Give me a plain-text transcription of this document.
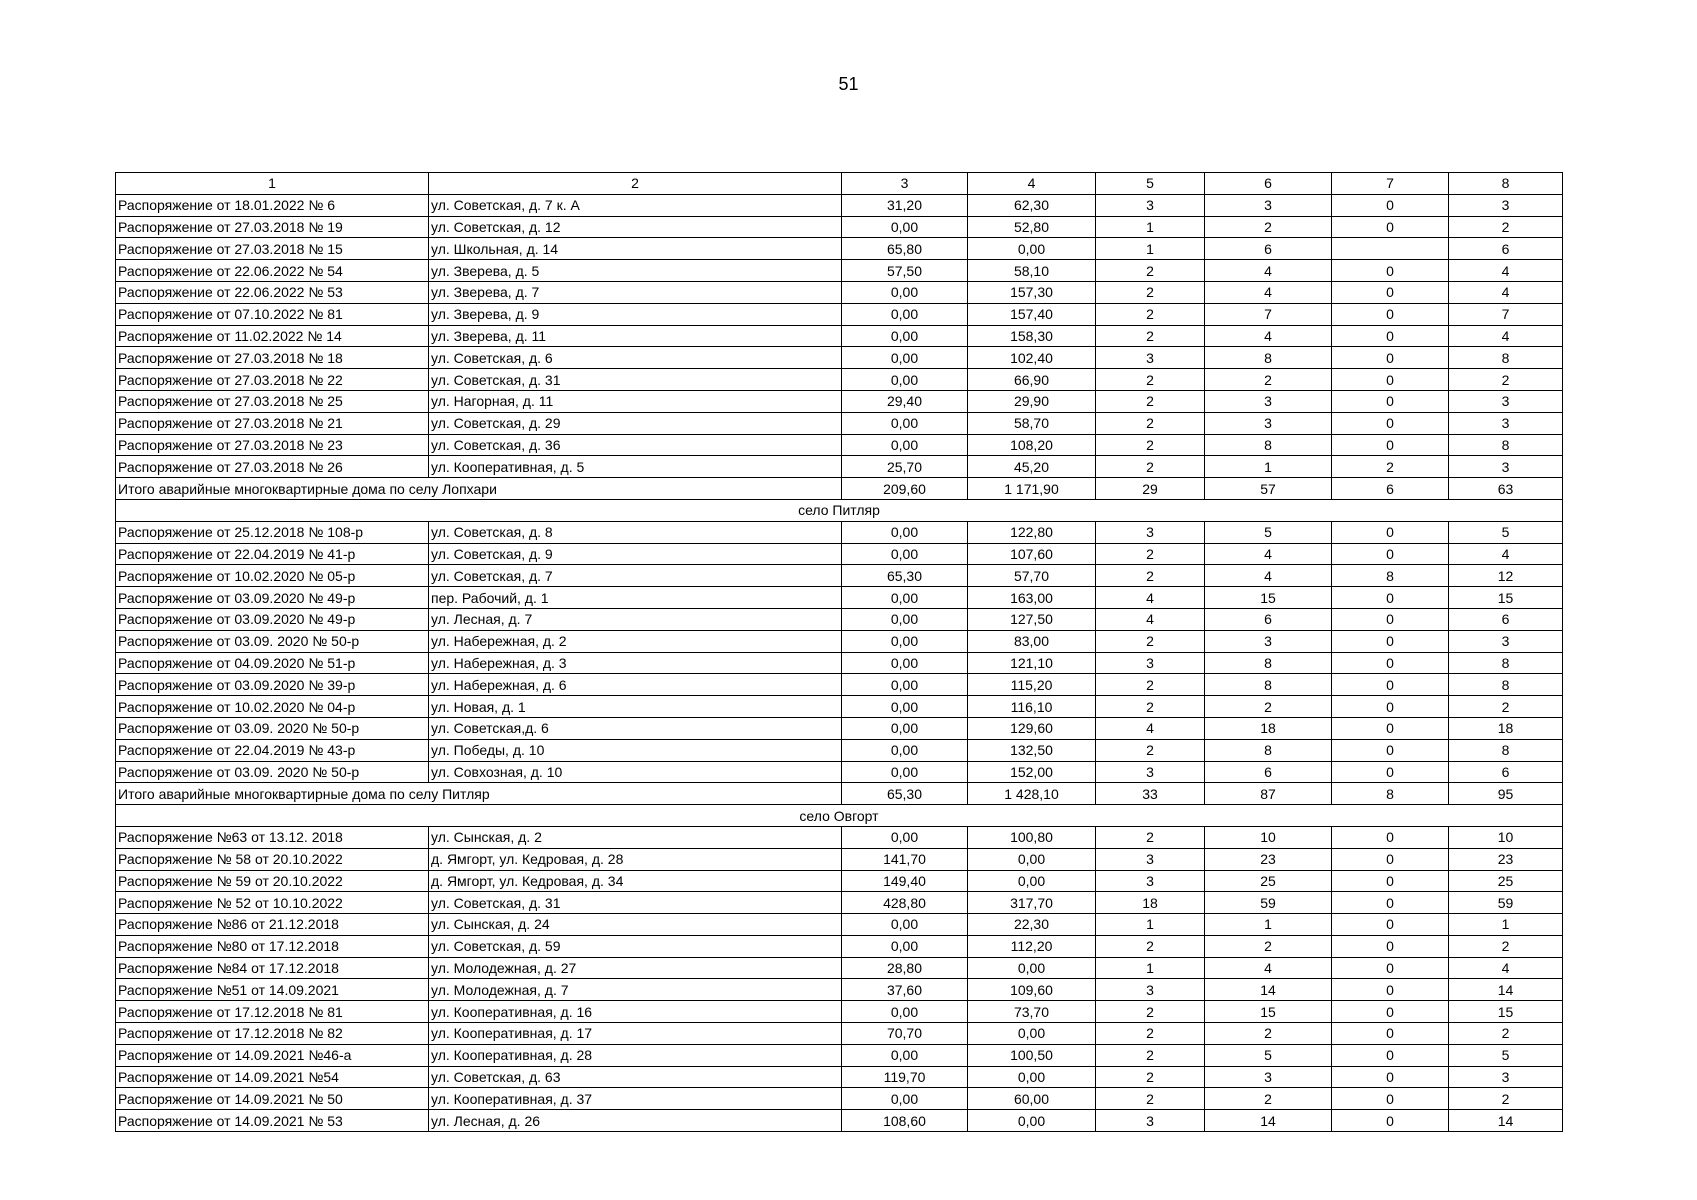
51
1	2	3	4	5	6	7	8
Распоряжение от 18.01.2022 № 6	ул. Советская, д. 7 к. А	31,20	62,30	3	3	0	3
Распоряжение от 27.03.2018 № 19	ул. Советская, д. 12	0,00	52,80	1	2	0	2
Распоряжение от 27.03.2018 № 15	ул. Школьная, д. 14	65,80	0,00	1	6		6
Распоряжение от 22.06.2022 № 54	ул. Зверева, д. 5	57,50	58,10	2	4	0	4
Распоряжение от 22.06.2022 № 53	ул. Зверева, д. 7	0,00	157,30	2	4	0	4
Распоряжение от 07.10.2022 № 81	ул. Зверева, д. 9	0,00	157,40	2	7	0	7
Распоряжение от 11.02.2022 № 14	ул. Зверева, д. 11	0,00	158,30	2	4	0	4
Распоряжение от 27.03.2018 № 18	ул. Советская, д. 6	0,00	102,40	3	8	0	8
Распоряжение от 27.03.2018 № 22	ул. Советская, д. 31	0,00	66,90	2	2	0	2
Распоряжение от 27.03.2018 № 25	ул. Нагорная, д. 11	29,40	29,90	2	3	0	3
Распоряжение от 27.03.2018 № 21	ул. Советская, д. 29	0,00	58,70	2	3	0	3
Распоряжение от 27.03.2018 № 23	ул. Советская, д. 36	0,00	108,20	2	8	0	8
Распоряжение от 27.03.2018 № 26	ул. Кооперативная, д. 5	25,70	45,20	2	1	2	3
Итого аварийные многоквартирные дома по селу Лопхари		209,60	1 171,90	29	57	6	63
село Питляр							
Распоряжение от 25.12.2018 № 108-р	ул. Советская, д. 8	0,00	122,80	3	5	0	5
Распоряжение от 22.04.2019 № 41-р	ул. Советская, д. 9	0,00	107,60	2	4	0	4
Распоряжение от 10.02.2020 № 05-р	ул. Советская, д. 7	65,30	57,70	2	4	8	12
Распоряжение от 03.09.2020 № 49-р	пер. Рабочий, д. 1	0,00	163,00	4	15	0	15
Распоряжение от 03.09.2020 № 49-р	ул. Лесная, д. 7	0,00	127,50	4	6	0	6
Распоряжение от 03.09. 2020 № 50-р	ул. Набережная, д. 2	0,00	83,00	2	3	0	3
Распоряжение от 04.09.2020 № 51-р	ул. Набережная, д. 3	0,00	121,10	3	8	0	8
Распоряжение от 03.09.2020 № 39-р	ул. Набережная, д. 6	0,00	115,20	2	8	0	8
Распоряжение от 10.02.2020 № 04-р	ул. Новая, д. 1	0,00	116,10	2	2	0	2
Распоряжение от 03.09. 2020 № 50-р	ул. Советская,д. 6	0,00	129,60	4	18	0	18
Распоряжение от 22.04.2019 № 43-р	ул. Победы, д. 10	0,00	132,50	2	8	0	8
Распоряжение от 03.09. 2020 № 50-р	ул. Совхозная, д. 10	0,00	152,00	3	6	0	6
Итого аварийные многоквартирные дома по селу Питляр		65,30	1 428,10	33	87	8	95
село Овгорт							
Распоряжение №63 от 13.12. 2018	ул. Сынская, д. 2	0,00	100,80	2	10	0	10
Распоряжение № 58 от 20.10.2022	д. Ямгорт, ул. Кедровая, д. 28	141,70	0,00	3	23	0	23
Распоряжение № 59 от 20.10.2022	д. Ямгорт, ул. Кедровая, д. 34	149,40	0,00	3	25	0	25
Распоряжение № 52 от 10.10.2022	ул. Советская, д. 31	428,80	317,70	18	59	0	59
Распоряжение №86 от 21.12.2018	ул. Сынская, д. 24	0,00	22,30	1	1	0	1
Распоряжение №80 от 17.12.2018	ул. Советская, д. 59	0,00	112,20	2	2	0	2
Распоряжение №84 от 17.12.2018	ул. Молодежная, д. 27	28,80	0,00	1	4	0	4
Распоряжение №51 от 14.09.2021	ул. Молодежная, д. 7	37,60	109,60	3	14	0	14
Распоряжение от 17.12.2018 № 81	ул. Кооперативная, д. 16	0,00	73,70	2	15	0	15
Распоряжение от 17.12.2018 № 82	ул. Кооперативная, д. 17	70,70	0,00	2	2	0	2
Распоряжение от 14.09.2021 №46-а	ул. Кооперативная, д. 28	0,00	100,50	2	5	0	5
Распоряжение от 14.09.2021 №54	ул. Советская, д. 63	119,70	0,00	2	3	0	3
Распоряжение от 14.09.2021 № 50	ул. Кооперативная, д. 37	0,00	60,00	2	2	0	2
Распоряжение от 14.09.2021 № 53	ул. Лесная, д. 26	108,60	0,00	3	14	0	14
